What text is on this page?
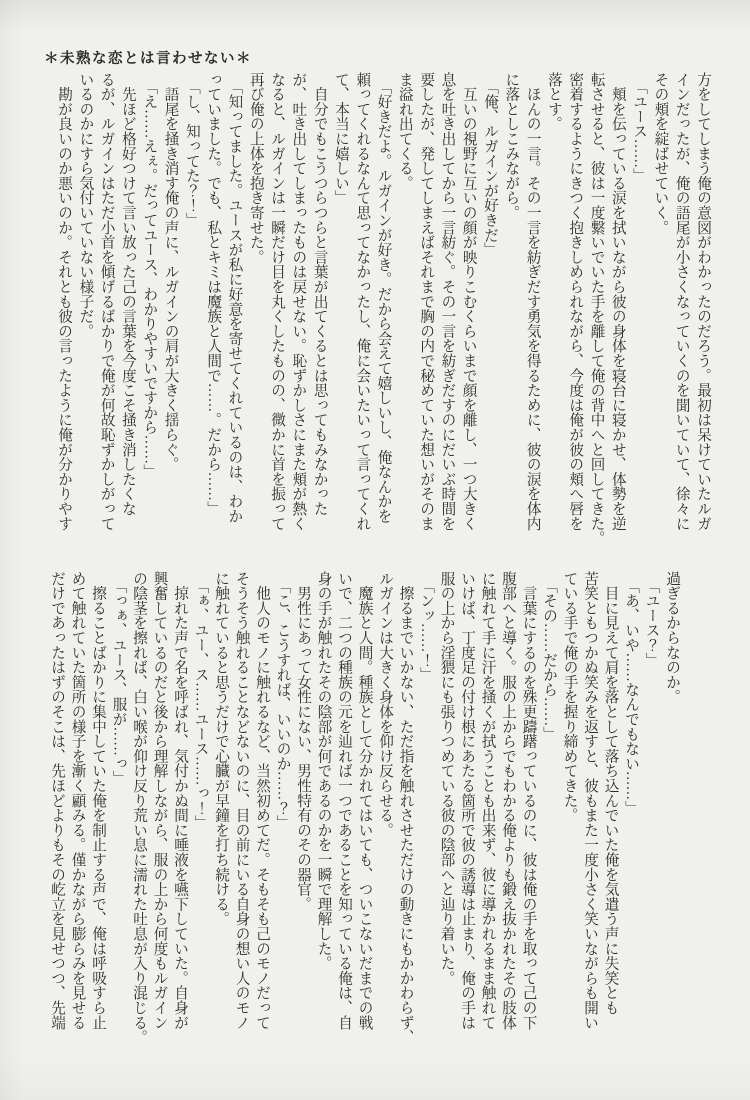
＊未熟な恋とは言わせない＊
方をしてしまう俺の意図がわかったのだろう。最初は呆けていたルガ
インだったが、俺の語尾が小さくなっていくのを聞いていて、徐々に
その頬を綻ばせていく。
　「ユース……」
　頬を伝っている涙を拭いながら彼の身体を寝台に寝かせ、体勢を逆
転させると、彼は一度繋いでいた手を離して俺の背中へと回してきた。
密着するようにきつく抱きしめられながら、今度は俺が彼の頬へ唇を
落とす。
　ほんの一言。その一言を紡ぎだす勇気を得るために、彼の涙を体内
に落としこみながら。
　「俺、ルガインが好きだ」
　互いの視野に互いの顔が映りこむくらいまで顔を離し、一つ大きく
息を吐き出してから一言紡ぐ。その一言を紡ぎだすのにだいぶ時間を
要したが、発してしまえばそれまで胸の内で秘めていた想いがそのま
ま溢れ出てくる。
　「好きだよ。ルガインが好き。だから会えて嬉しいし、俺なんかを
頼ってくれるなんて思ってなかったし、俺に会いたいって言ってくれ
て、本当に嬉しい」
　自分でもこうつらつらと言葉が出てくるとは思ってもみなかった
が、吐き出してしまったものは戻せない。恥ずかしさにまた頬が熱く
なると、ルガインは一瞬だけ目を丸くしたものの、微かに首を振って
再び俺の上体を抱き寄せた。
　「知ってました。ユースが私に好意を寄せてくれているのは、わか
っていました。でも、私とキミは魔族と人間で……。だから……」
　「し、知ってた？！」
　語尾を掻き消す俺の声に、ルガインの肩が大きく揺らぐ。
　「え……えぇ。だってユース、わかりやすいですから……」
　先ほど格好つけて言い放った己の言葉を今度こそ掻き消したくな
るが、ルガインはただ小首を傾げるばかりで俺が何故恥ずかしがって
いるのかにすら気付いていない様子だ。
　勘が良いのか悪いのか。それとも彼の言ったように俺が分かりやす
過ぎるからなのか。
　「ユース？」
　「あ、いや……なんでもない……」
　目に見えて肩を落として落ち込んでいた俺を気遣う声に失笑とも
苦笑ともつかぬ笑みを返すと、彼もまた一度小さく笑いながらも開い
ている手で俺の手を握り締めてきた。
　「その……だから……」
　言葉にするのを殊更躊躇っているのに、彼は俺の手を取って己の下
腹部へと導く。服の上からでもわかる俺よりも鍛え抜かれたその肢体
に触れて手に汗を掻くが拭うことも出来ず、彼に導かれるまま触れて
いけば、丁度足の付け根にあたる箇所で彼の誘導は止まり、俺の手は
服の上から淫猥にも張りつめている彼の陰部へと辿り着いた。
　「ンッ……！」
　擦るまでいかない、ただ指を触れさせただけの動きにもかかわらず、
ルガインは大きく身体を仰け反らせる。
　魔族と人間。種族として分かれてはいても、ついこないだまでの戦
いで、二つの種族の元を辿れば一つであることを知っている俺は、自
身の手が触れたその陰部が何であるのかを一瞬で理解した。
　男性にあって女性にない、男性特有のその器官。
　「こ、こうすれば、いいのか……？」
　他人のモノに触れるなど、当然初めてだ。そもそも己のモノだって
そうそう触れることなどないのに、目の前にいる自身の想い人のモノ
に触れていると思うだけで心臓が早鐘を打ち続ける。
　「ぁ、ユー、ス……ユース……っ！」
　掠れた声で名を呼ばれ、気付かぬ間に唾液を嚥下していた。自身が
興奮しているのだと後から理解しながら、服の上から何度もルガイン
の陰茎を擦れば、白い喉が仰け反り荒い息に濡れた吐息が入り混じる。
　「っぁ、ユース、服が……っ」
　擦ることばかりに集中していた俺を制止する声で、俺は呼吸すら止
めて触れていた箇所の様子を漸く顧みる。僅かながら膨らみを見せる
だけであったはずのそこは、先ほどよりもその屹立を見せつつ、先端
